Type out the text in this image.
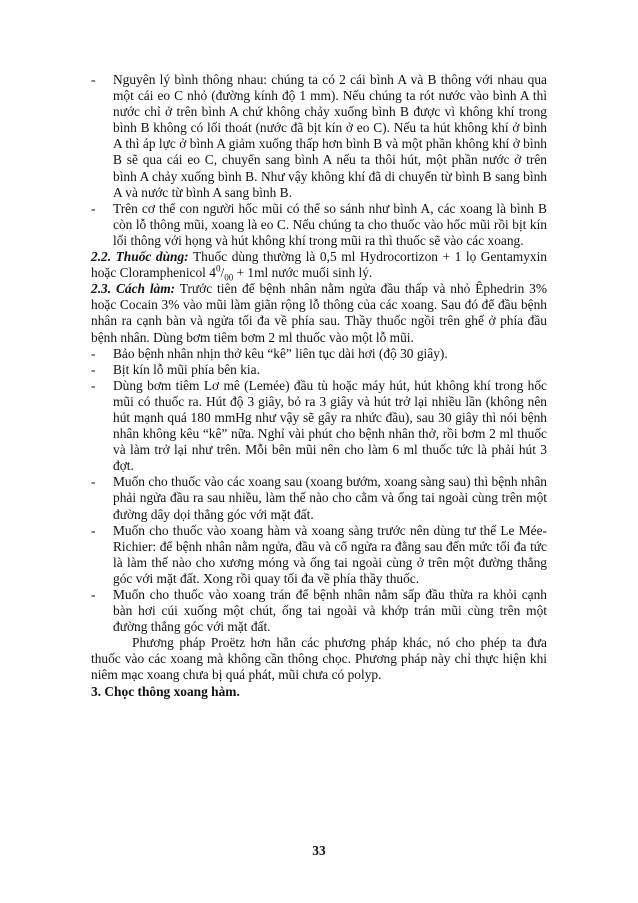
- Nguyên lý bình thông nhau: chúng ta có 2 cái bình A và B thông với nhau qua một cái eo C nhỏ (đường kính độ 1 mm). Nếu chúng ta rót nước vào bình A thì nước chỉ ở trên bình A chứ không chảy xuống bình B được vì không khí trong bình B không có lối thoát (nước đã bịt kín ở eo C). Nếu ta hút không khí ở bình A thì áp lực ở bình A giảm xuống thấp hơn bình B và một phần không khí ở bình B sẽ qua cái eo C, chuyển sang bình A nếu ta thôi hút, một phần nước ở trên bình A chảy xuống bình B. Như vậy không khí đã di chuyển từ bình B sang bình A và nước từ bình A sang bình B.
- Trên cơ thể con người hốc mũi có thể so sánh như bình A, các xoang là bình B còn lỗ thông mũi, xoang là eo C. Nếu chúng ta cho thuốc vào hốc mũi rồi bịt kín lối thông với họng và hút không khí trong mũi ra thì thuốc sẽ vào các xoang.

2.2. Thuốc dùng: Thuốc dùng thường là 0,5 ml Hydrocortizon + 1 lọ Gentamyxin hoặc Cloramphenicol $4^0/_{00} + 1ml$ nước muối sinh lý.

2.3. Cách làm: Trước tiên để bệnh nhân nằm ngửa đầu thấp và nhỏ Êphedrin 3% hoặc Cocain 3% vào mũi làm giãn rộng lỗ thông của các xoang. Sau đó để đầu bệnh nhân ra cạnh bàn và ngửa tối đa về phía sau. Thầy thuốc ngồi trên ghế ở phía đầu bệnh nhân. Dùng bơm tiêm bơm 2 ml thuốc vào một lỗ mũi.

- Bảo bệnh nhân nhịn thở kêu “kê” liên tục dài hơi (độ 30 giây).
- Bịt kín lỗ mũi phía bên kia.
- Dùng bơm tiêm Lơ mê (Lemée) đầu tù hoặc máy hút, hút không khí trong hốc mũi có thuốc ra. Hút độ 3 giây, bỏ ra 3 giây và hút trở lại nhiều lần (không nên hút mạnh quá 180 mmHg như vậy sẽ gây ra nhức đầu), sau 30 giây thì nói bệnh nhân không kêu “kê” nữa. Nghỉ vài phút cho bệnh nhân thở, rồi bơm 2 ml thuốc và làm trở lại như trên. Mỗi bên mũi nên cho làm 6 ml thuốc tức là phải hút 3 đợt.
- Muốn cho thuốc vào các xoang sau (xoang bướm, xoang sàng sau) thì bệnh nhân phải ngửa đầu ra sau nhiều, làm thế nào cho cằm và ống tai ngoài cùng trên một đường dây dọi thẳng góc với mặt đất.
- Muốn cho thuốc vào xoang hàm và xoang sàng trước nên dùng tư thế Le Mée- Richier: để bệnh nhân nằm ngửa, đầu và cổ ngửa ra đằng sau đến mức tối đa tức là làm thế nào cho xương móng và ống tai ngoài cùng ở trên một đường thẳng góc với mặt đất. Xong rồi quay tối đa về phía thầy thuốc.
- Muốn cho thuốc vào xoang trán để bệnh nhân nằm sấp đầu thừa ra khỏi cạnh bàn hơi cúi xuống một chút, ống tai ngoài và khớp trán mũi cùng trên một đường thẳng góc với mặt đất.

Phương pháp Proëtz hơn hẳn các phương pháp khác, nó cho phép ta đưa thuốc vào các xoang mà không cần thông chọc. Phương pháp này chỉ thực hiện khi niêm mạc xoang chưa bị quá phát, mũi chưa có polyp.

3. Chọc thông xoang hàm.

33
